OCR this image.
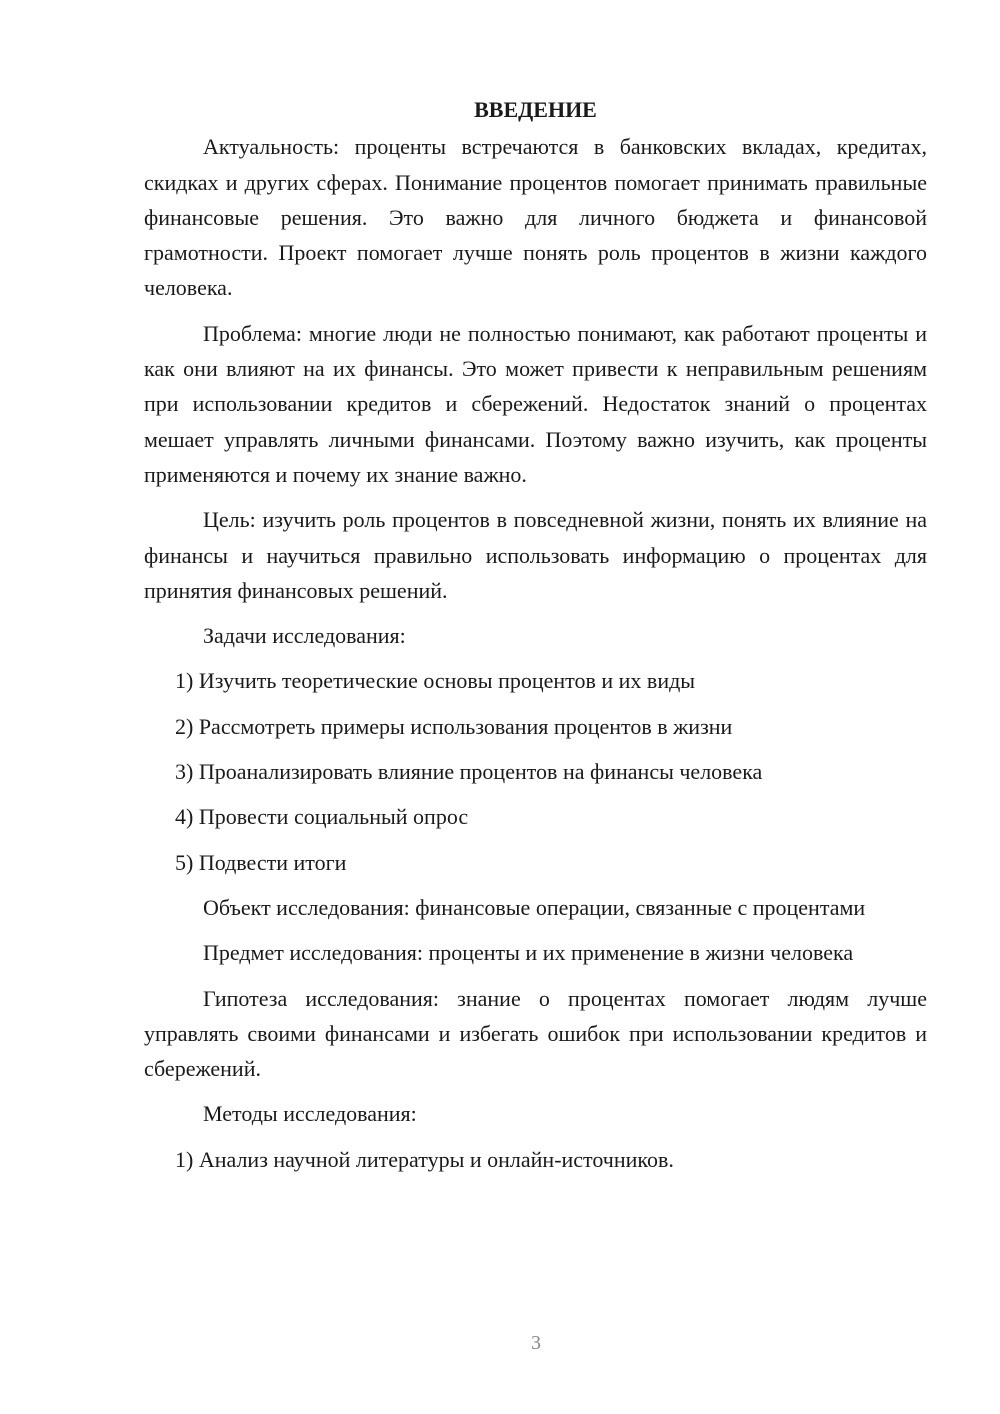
ВВЕДЕНИЕ

Актуальность: проценты встречаются в банковских вкладах, кредитах, скидках и других сферах. Понимание процентов помогает принимать правильные финансовые решения. Это важно для личного бюджета и финансовой грамотности. Проект помогает лучше понять роль процентов в жизни каждого человека.

Проблема: многие люди не полностью понимают, как работают проценты и как они влияют на их финансы. Это может привести к неправильным решениям при использовании кредитов и сбережений. Недостаток знаний о процентах мешает управлять личными финансами. Поэтому важно изучить, как проценты применяются и почему их знание важно.

Цель: изучить роль процентов в повседневной жизни, понять их влияние на финансы и научиться правильно использовать информацию о процентах для принятия финансовых решений.

Задачи исследования:

1) Изучить теоретические основы процентов и их виды
2) Рассмотреть примеры использования процентов в жизни
3) Проанализировать влияние процентов на финансы человека
4) Провести социальный опрос
5) Подвести итоги

Объект исследования: финансовые операции, связанные с процентами

Предмет исследования: проценты и их применение в жизни человека

Гипотеза исследования: знание о процентах помогает людям лучше управлять своими финансами и избегать ошибок при использовании кредитов и сбережений.

Методы исследования:

1) Анализ научной литературы и онлайн-источников.
3
